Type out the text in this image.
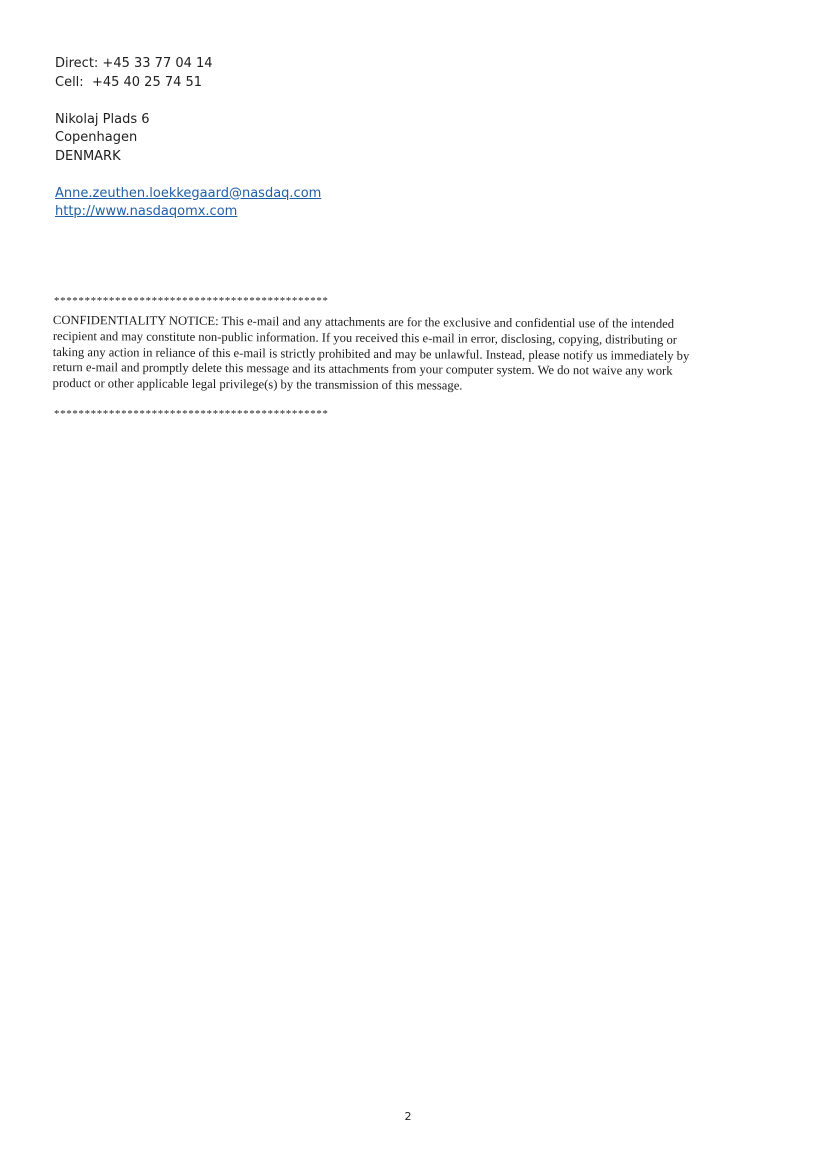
Direct: +45 33 77 04 14
Cell:  +45 40 25 74 51
Nikolaj Plads 6
Copenhagen
DENMARK
Anne.zeuthen.loekkegaard@nasdaq.com
http://www.nasdaqomx.com
*********************************************
CONFIDENTIALITY NOTICE: This e-mail and any attachments are for the exclusive and confidential use of the intended
recipient and may constitute non-public information. If you received this e-mail in error, disclosing, copying, distributing or
taking any action in reliance of this e-mail is strictly prohibited and may be unlawful. Instead, please notify us immediately by
return e-mail and promptly delete this message and its attachments from your computer system. We do not waive any work
product or other applicable legal privilege(s) by the transmission of this message.
*********************************************
2
